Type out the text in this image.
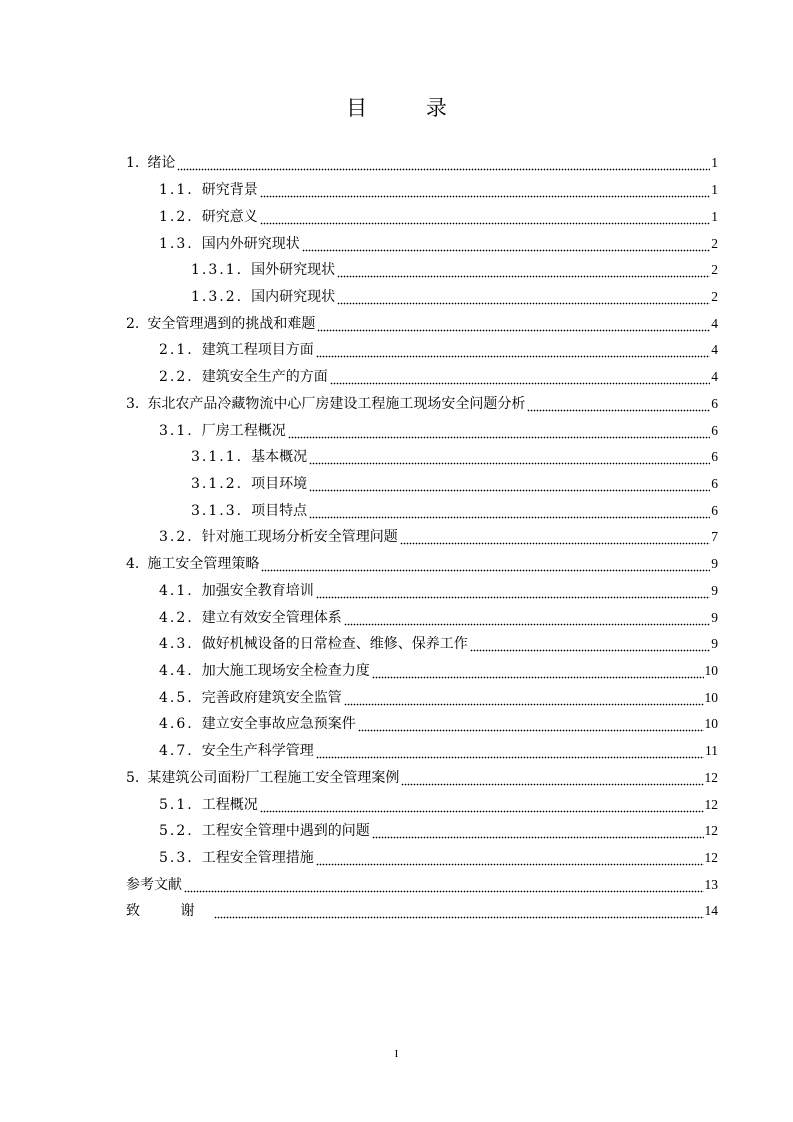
目 录
1. 绪论	1
1.1. 研究背景	1
1.2. 研究意义	1
1.3. 国内外研究现状	2
1.3.1. 国外研究现状	2
1.3.2. 国内研究现状	2
2. 安全管理遇到的挑战和难题	4
2.1. 建筑工程项目方面	4
2.2. 建筑安全生产的方面	4
3. 东北农产品冷藏物流中心厂房建设工程施工现场安全问题分析	6
3.1. 厂房工程概况	6
3.1.1. 基本概况	6
3.1.2. 项目环境	6
3.1.3. 项目特点	6
3.2. 针对施工现场分析安全管理问题	7
4. 施工安全管理策略	9
4.1. 加强安全教育培训	9
4.2. 建立有效安全管理体系	9
4.3. 做好机械设备的日常检查、维修、保养工作	9
4.4. 加大施工现场安全检查力度	10
4.5. 完善政府建筑安全监管	10
4.6. 建立安全事故应急预案件	10
4.7. 安全生产科学管理	11
5. 某建筑公司面粉厂工程施工安全管理案例	12
5.1. 工程概况	12
5.2. 工程安全管理中遇到的问题	12
5.3. 工程安全管理措施	12
参考文献	13
致 谢	14
I
